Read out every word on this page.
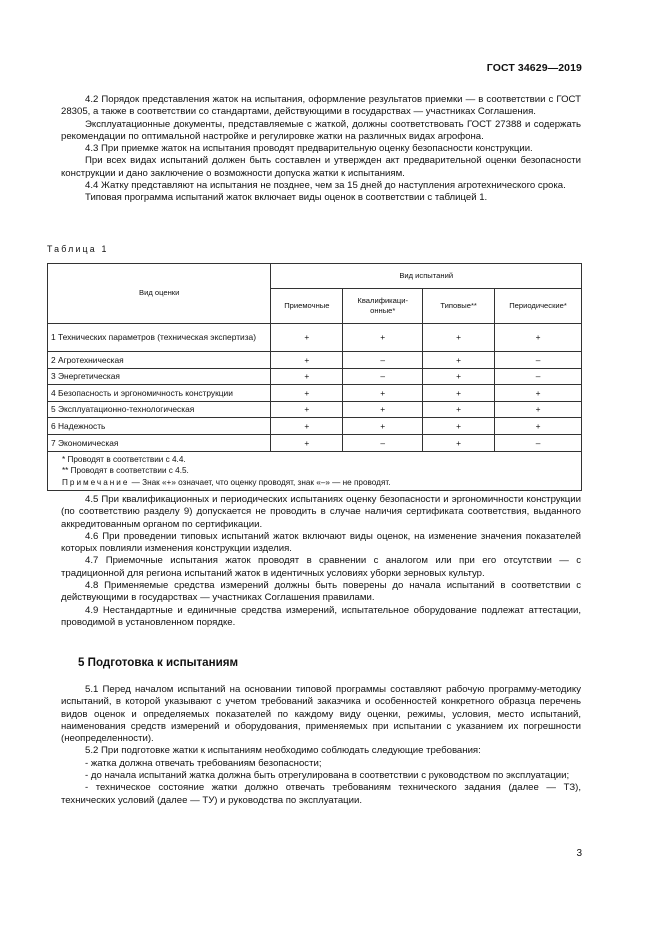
ГОСТ 34629—2019

4.2 Порядок представления жаток на испытания, оформление результатов приемки — в соответствии с ГОСТ 28305, а также в соответствии со стандартами, действующими в государствах — участниках Соглашения.

Эксплуатационные документы, представляемые с жаткой, должны соответствовать ГОСТ 27388 и содержать рекомендации по оптимальной настройке и регулировке жатки на различных видах агрофона.

4.3 При приемке жаток на испытания проводят предварительную оценку безопасности конструкции.

При всех видах испытаний должен быть составлен и утвержден акт предварительной оценки безопасности конструкции и дано заключение о возможности допуска жатки к испытаниям.

4.4 Жатку представляют на испытания не позднее, чем за 15 дней до наступления агротехнического срока.

Типовая программа испытаний жаток включает виды оценок в соответствии с таблицей 1.

Таблица 1
Вид оценки	Вид испытаний			
	Приемочные	Квалификаци-онные*	Типовые**	Периодические*
1 Технических параметров (техническая экспертиза)	+	+	+	+
2 Агротехническая	+	–	+	–
3 Энергетическая	+	–	+	–
4 Безопасность и эргономичность конструкции	+	+	+	+
5 Эксплуатационно-технологическая	+	+	+	+
6 Надежность	+	+	+	+
7 Экономическая	+	–	+	–

* Проводят в соответствии с 4.4.
** Проводят в соответствии с 4.5.
Примечание — Знак «+» означает, что оценку проводят, знак «–» — не проводят.				

4.5 При квалификационных и периодических испытаниях оценку безопасности и эргономичности конструкции (по соответствию разделу 9) допускается не проводить в случае наличия сертификата соответствия, выданного аккредитованным органом по сертификации.

4.6 При проведении типовых испытаний жаток включают виды оценок, на изменение значения показателей которых повлияли изменения конструкции изделия.

4.7 Приемочные испытания жаток проводят в сравнении с аналогом или при его отсутствии — с традиционной для региона испытаний жаток в идентичных условиях уборки зерновых культур.

4.8 Применяемые средства измерений должны быть поверены до начала испытаний в соответствии с действующими в государствах — участниках Соглашения правилами.

4.9 Нестандартные и единичные средства измерений, испытательное оборудование подлежат аттестации, проводимой в установленном порядке.

5 Подготовка к испытаниям

5.1 Перед началом испытаний на основании типовой программы составляют рабочую программу-методику испытаний, в которой указывают с учетом требований заказчика и особенностей конкретного образца перечень видов оценок и определяемых показателей по каждому виду оценки, режимы, условия, место испытаний, наименования средств измерений и оборудования, применяемых при испытании с указанием их погрешности (неопределенности).

5.2 При подготовке жатки к испытаниям необходимо соблюдать следующие требования:

- жатка должна отвечать требованиям безопасности;

- до начала испытаний жатка должна быть отрегулирована в соответствии с руководством по эксплуатации;

- техническое состояние жатки должно отвечать требованиям технического задания (далее — ТЗ), технических условий (далее — ТУ) и руководства по эксплуатации.

3
